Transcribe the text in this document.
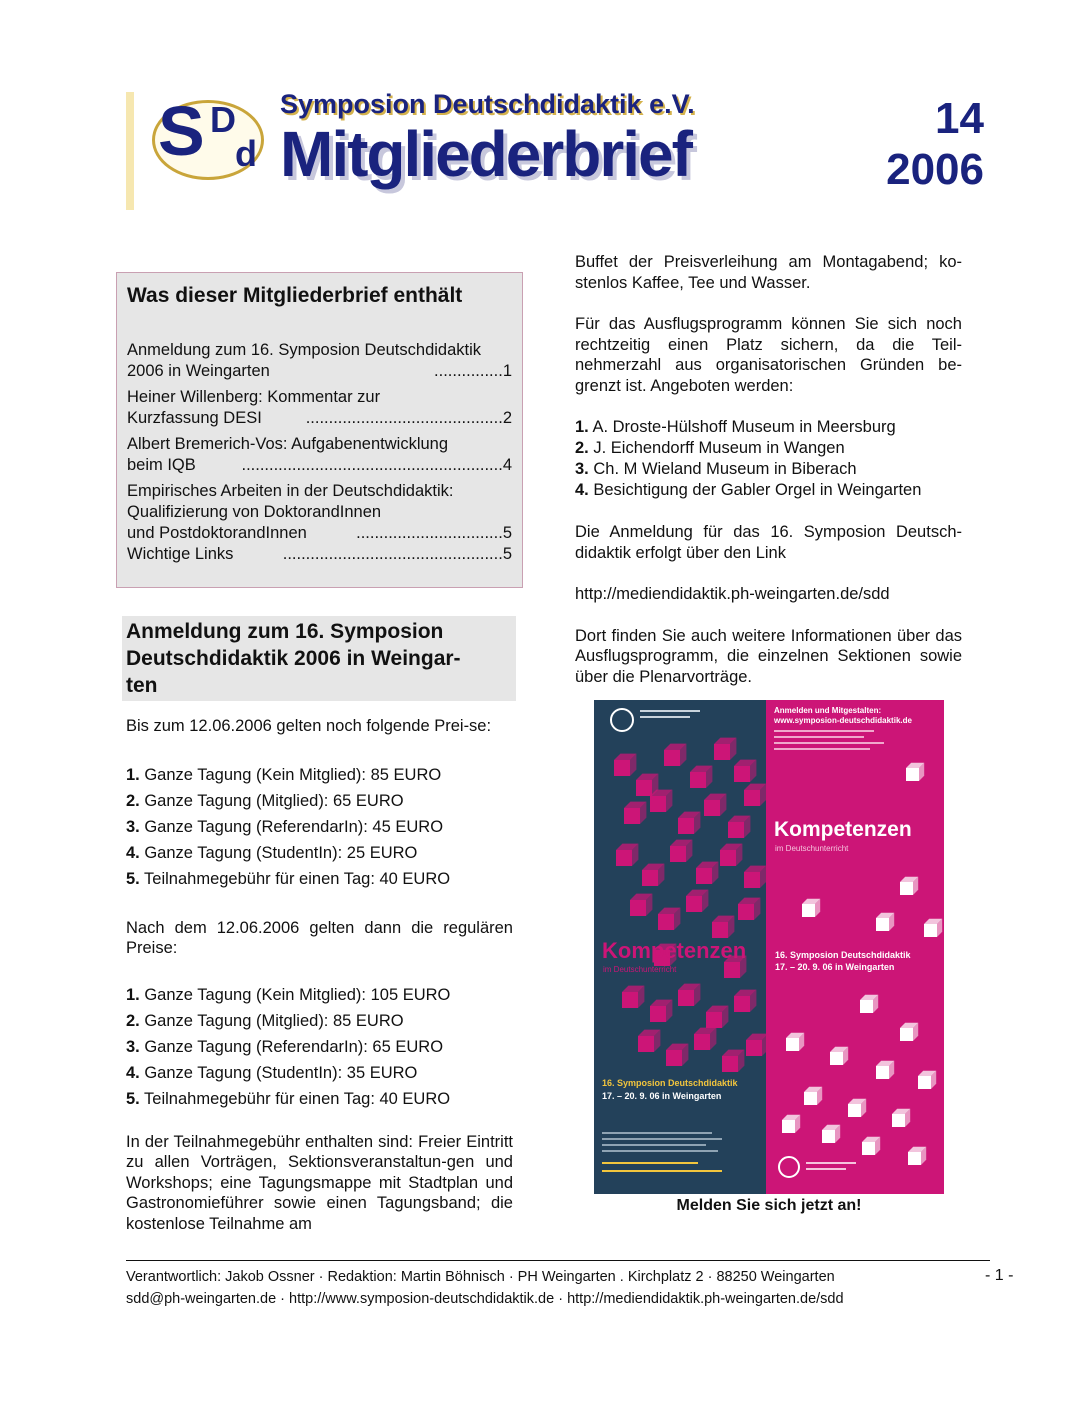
S D
d
Symposion Deutschdidaktik e.V.
Mitgliederbrief	14
2006
Was dieser Mitgliederbrief enthält
Anmeldung zum 16. Symposion Deutschdidaktik
2006 in Weingarten	...............1
Heiner Willenberg: Kommentar zur
Kurzfassung DESI	...........................................2
Albert Bremerich-Vos: Aufgabenentwicklung
beim IQB	.........................................................4
Empirisches Arbeiten in der Deutschdidaktik:
Qualifizierung von DoktorandInnen
und PostdoktorandInnen	................................5
Wichtige Links	................................................5
Anmeldung zum 16. Symposion
Deutschdidaktik 2006 in Weingar-
ten

Bis zum 12.06.2006 gelten noch folgende Prei-se:

1. Ganze Tagung (Kein Mitglied): 85 EURO
2. Ganze Tagung (Mitglied): 65 EURO
3. Ganze Tagung (ReferendarIn): 45 EURO
4. Ganze Tagung (StudentIn): 25 EURO
5. Teilnahmegebühr für einen Tag: 40 EURO

Nach dem 12.06.2006 gelten dann die regulären Preise:

1. Ganze Tagung (Kein Mitglied): 105 EURO
2. Ganze Tagung (Mitglied): 85 EURO
3. Ganze Tagung (ReferendarIn): 65 EURO
4. Ganze Tagung (StudentIn): 35 EURO
5. Teilnahmegebühr für einen Tag: 40 EURO

In der Teilnahmegebühr enthalten sind: Freier Eintritt zu allen Vorträgen, Sektionsveranstaltun-gen und Workshops; eine Tagungsmappe mit Stadtplan und Gastronomieführer sowie einen Tagungsband; die kostenlose Teilnahme am

Buffet der Preisverleihung am Montagabend; ko-stenlos Kaffee, Tee und Wasser.

Für das Ausflugsprogramm können Sie sich noch rechtzeitig einen Platz sichern, da die Teil-nehmerzahl aus organisatorischen Gründen be-grenzt ist. Angeboten werden:

1. A. Droste-Hülshoff Museum in Meersburg
2. J. Eichendorff Museum in Wangen
3. Ch. M Wieland Museum in Biberach
4. Besichtigung der Gabler Orgel in Weingarten

Die Anmeldung für das 16. Symposion Deutsch-didaktik erfolgt über den Link

http://mediendidaktik.ph-weingarten.de/sdd

Dort finden Sie auch weitere Informationen über das Ausflugsprogramm, die einzelnen Sektionen sowie über die Plenarvorträge.

Anmelden und Mitgestalten:
www.symposion-deutschdidaktik.de
Kompetenzen
im Deutschunterricht
16. Symposion Deutschdidaktik
17. – 20. 9. 06 in Weingarten
Kompetenzen
im Deutschunterricht
16. Symposion Deutschdidaktik
17. – 20. 9. 06 in Weingarten
Melden Sie sich jetzt an!
Verantwortlich: Jakob Ossner · Redaktion: Martin Böhnisch · PH Weingarten . Kirchplatz 2 · 88250 Weingarten
sdd@ph-weingarten.de · http://www.symposion-deutschdidaktik.de · http://mediendidaktik.ph-weingarten.de/sdd
- 1 -
